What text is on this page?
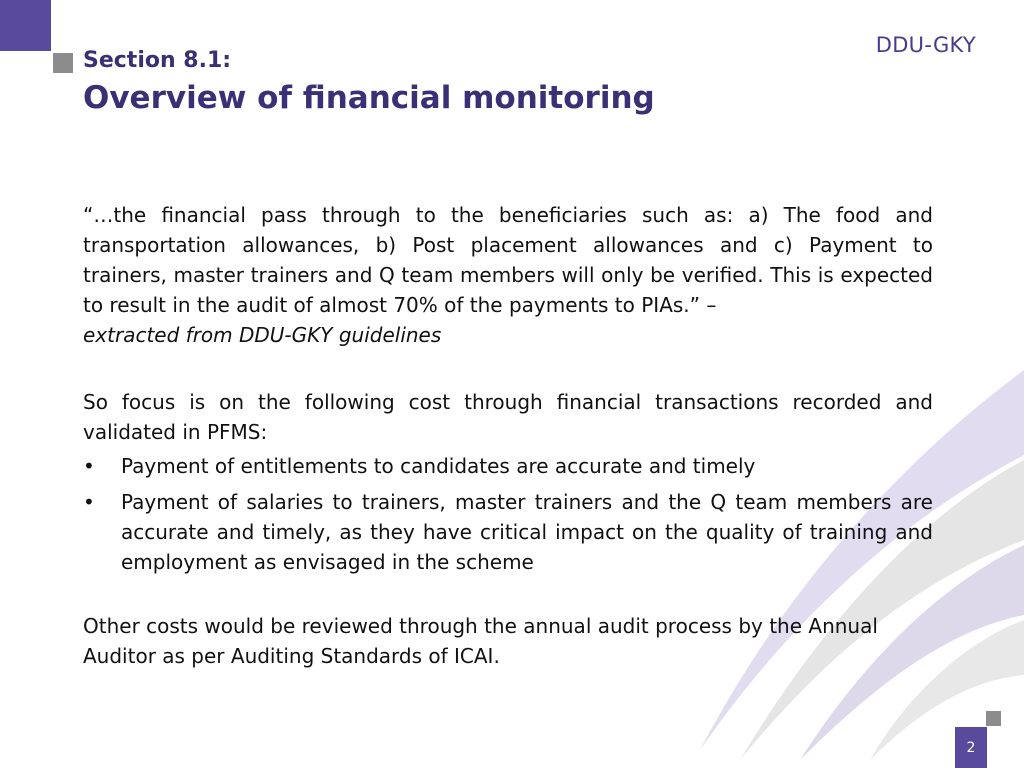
DDU-GKY
Section 8.1:
Overview of financial monitoring

“…the financial pass through to the beneficiaries such as: a) The food and transportation allowances, b) Post placement allowances and c) Payment to trainers, master trainers and Q team members will only be verified. This is expected to result in the audit of almost 70% of the payments to PIAs.” –
extracted from DDU-GKY guidelines

So focus is on the following cost through financial transactions recorded and validated in PFMS:

• Payment of entitlements to candidates are accurate and timely
• Payment of salaries to trainers, master trainers and the Q team members are accurate and timely, as they have critical impact on the quality of training and employment as envisaged in the scheme

Other costs would be reviewed through the annual audit process by the Annual Auditor as per Auditing Standards of ICAI.

2
